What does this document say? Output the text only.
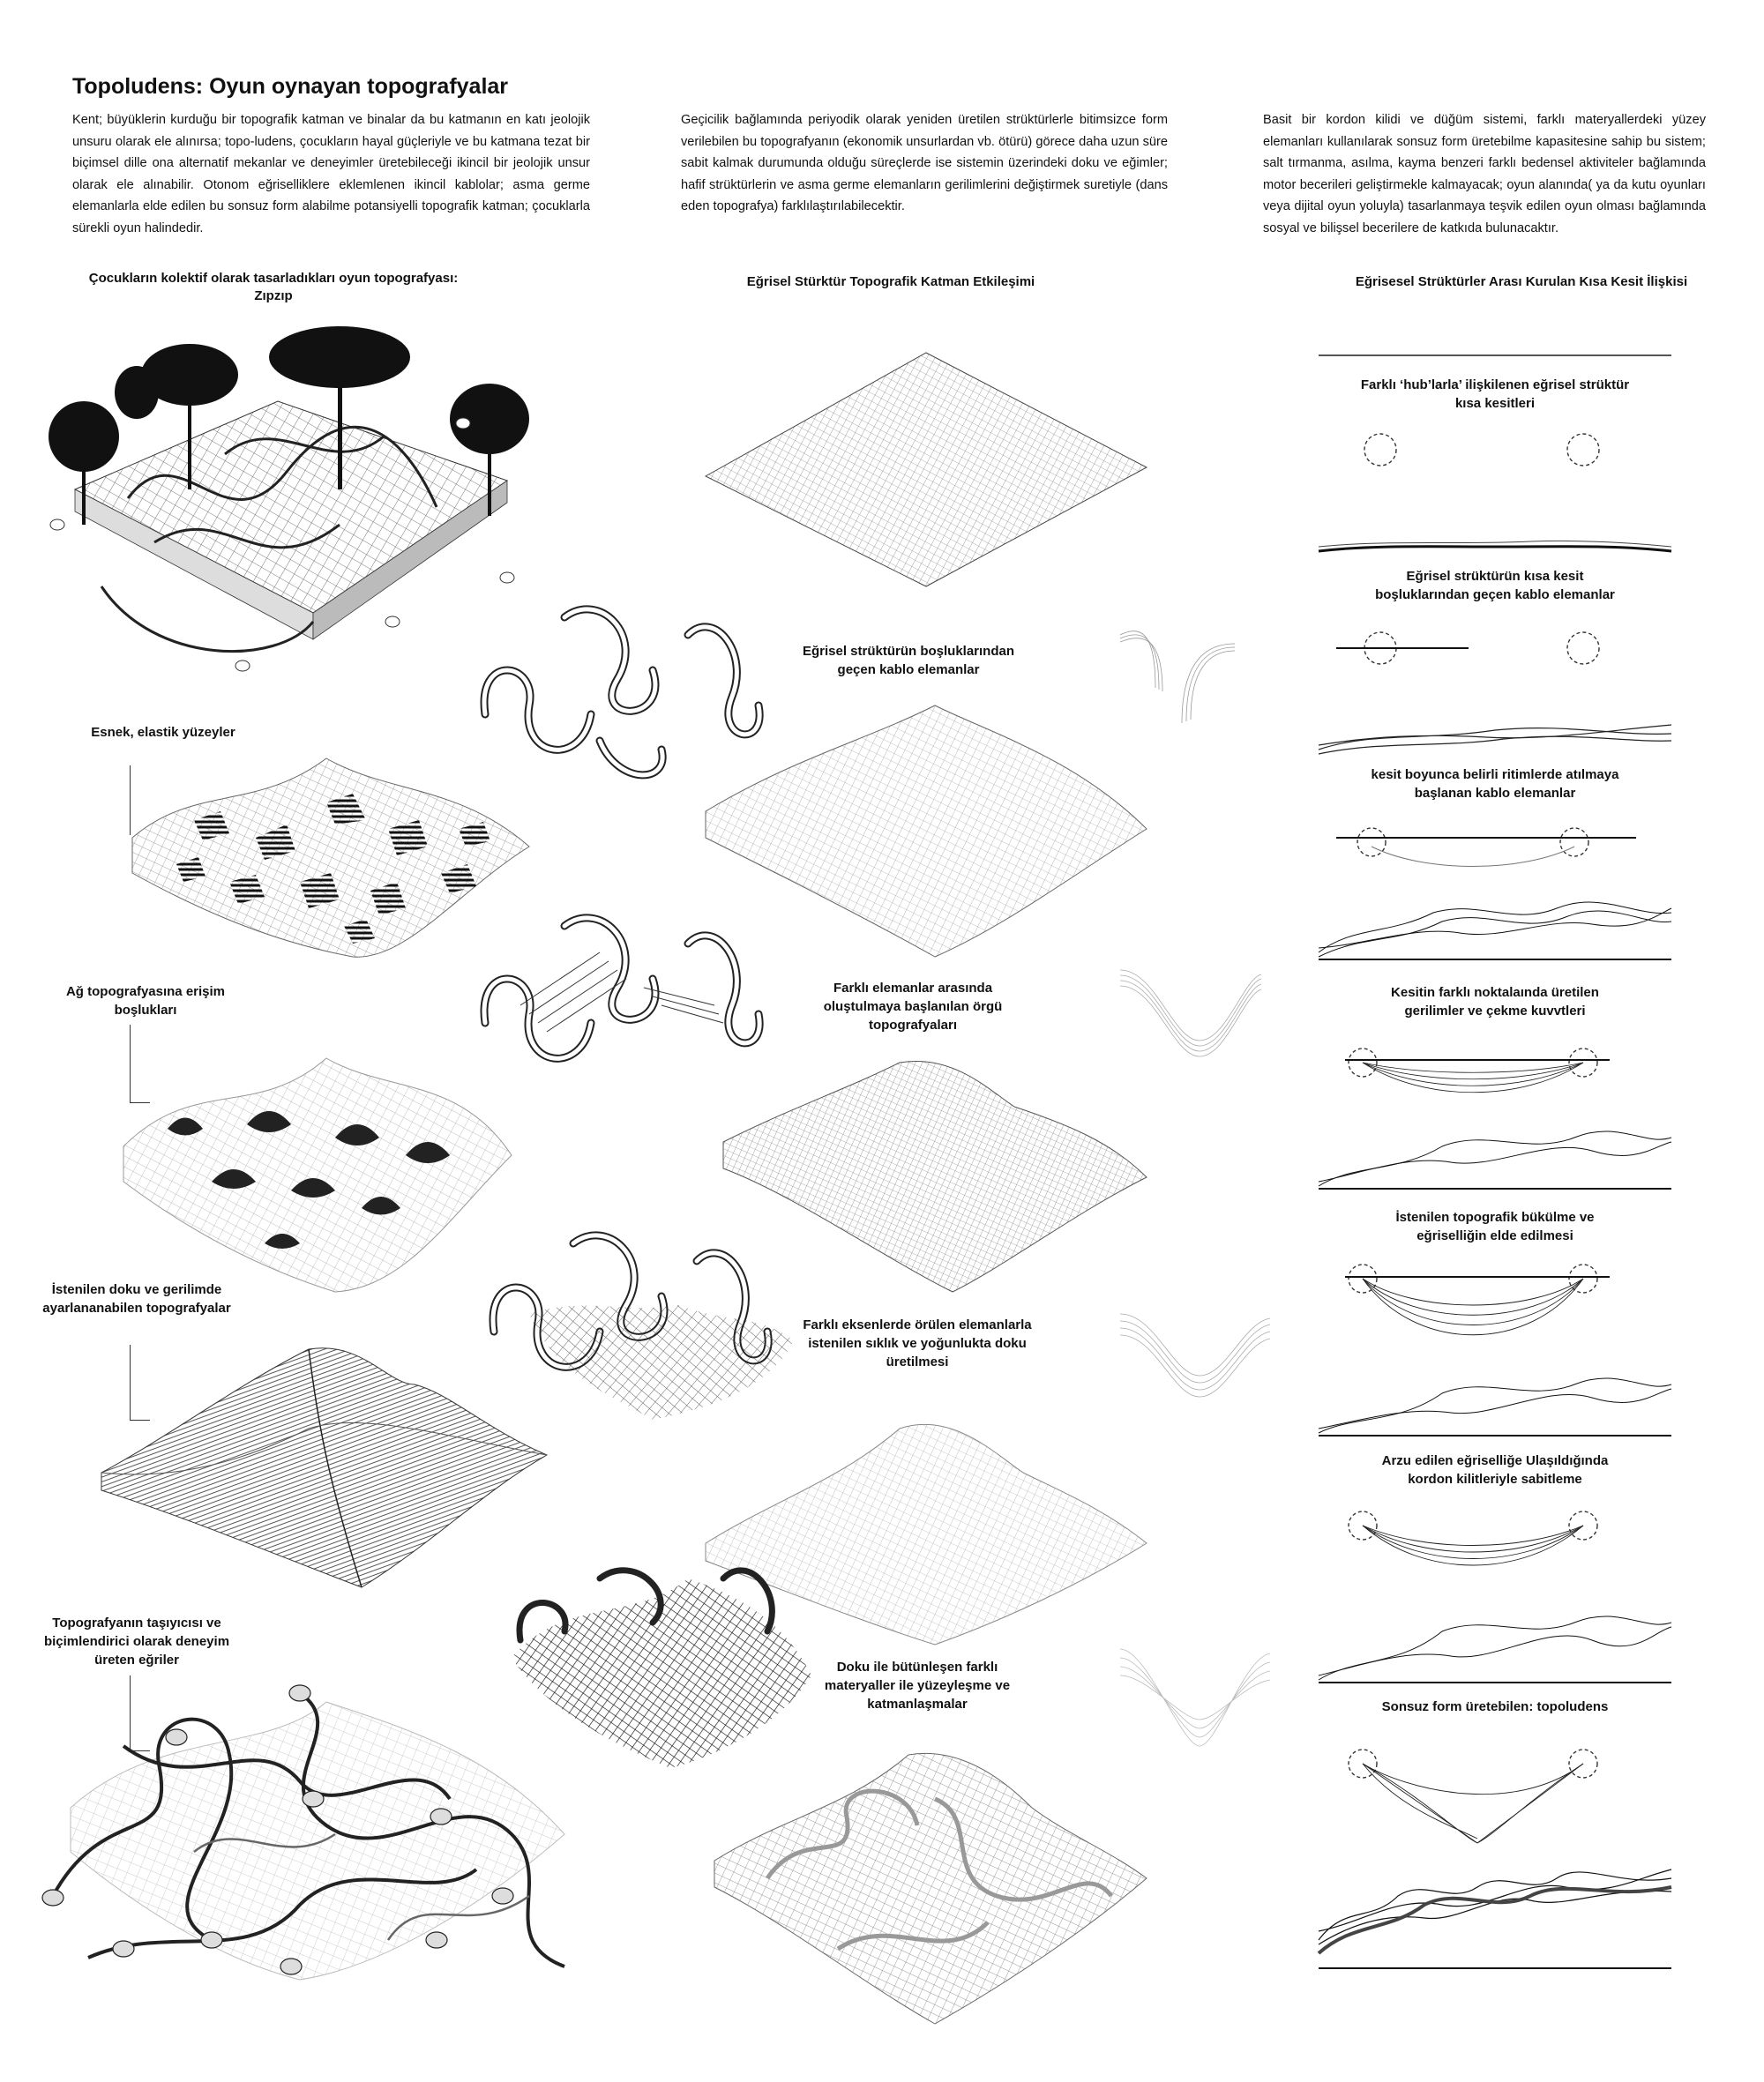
Topoludens: Oyun oynayan topografyalar
Kent; büyüklerin kurduğu bir topografik katman ve binalar da bu katmanın en katı jeolojik unsuru olarak ele alınırsa; topo-ludens, çocukların hayal güçleriyle ve bu katmana tezat bir biçimsel dille ona alternatif mekanlar ve deneyimler üretebileceği ikincil bir jeolojik unsur olarak ele alınabilir. Otonom eğriselliklere eklemlenen ikincil kablolar; asma germe elemanlarla elde edilen bu sonsuz form alabilme potansiyelli topografik katman; çocuklarla sürekli oyun halindedir.
Geçicilik bağlamında periyodik olarak yeniden üretilen strüktürlerle bitimsizce form verilebilen bu topografyanın (ekonomik unsurlardan vb. ötürü) görece daha uzun süre sabit kalmak durumunda olduğu süreçlerde ise sistemin üzerindeki doku ve eğimler; hafif strüktürlerin ve asma germe elemanların gerilimlerini değiştirmek suretiyle (dans eden topografya) farklılaştırılabilecektir.
Basit bir kordon kilidi ve düğüm sistemi, farklı materyallerdeki yüzey elemanları kullanılarak sonsuz form üretebilme kapasitesine sahip bu sistem; salt tırmanma, asılma, kayma benzeri farklı bedensel aktiviteler bağlamında motor becerileri geliştirmekle kalmayacak; oyun alanında( ya da kutu oyunları veya dijital oyun yoluyla) tasarlanmaya teşvik edilen oyun olması bağlamında sosyal ve bilişsel becerilere de katkıda bulunacaktır.
Çocukların kolektif olarak tasarladıkları oyun topografyası: Zıpzıp
Eğrisel Stürktür Topografik Katman Etkileşimi	Eğrisesel Strüktürler Arası Kurulan Kısa Kesit İlişkisi
Esnek, elastik yüzeyler
Ağ topografyasına erişim boşlukları
İstenilen doku ve gerilimde ayarlananabilen topografyalar
Topografyanın taşıyıcısı ve biçimlendirici olarak deneyim üreten eğriler
Eğrisel strüktürün boşluklarından geçen kablo elemanlar
Farklı elemanlar arasında oluştulmaya başlanılan örgü topografyaları
Farklı eksenlerde örülen elemanlarla istenilen sıklık ve yoğunlukta doku üretilmesi
Doku ile bütünleşen farklı materyaller ile yüzeyleşme ve katmanlaşmalar
Farklı ‘hub’larla’ ilişkilenen eğrisel strüktür kısa kesitleri
Eğrisel strüktürün kısa kesit boşluklarından geçen kablo elemanlar
kesit boyunca belirli ritimlerde atılmaya başlanan kablo elemanlar
Kesitin farklı noktalaında üretilen gerilimler ve çekme kuvvtleri
İstenilen topografik bükülme ve eğriselliğin elde edilmesi
Arzu edilen eğriselliğe Ulaşıldığında kordon kilitleriyle sabitleme
Sonsuz form üretebilen: topoludens
